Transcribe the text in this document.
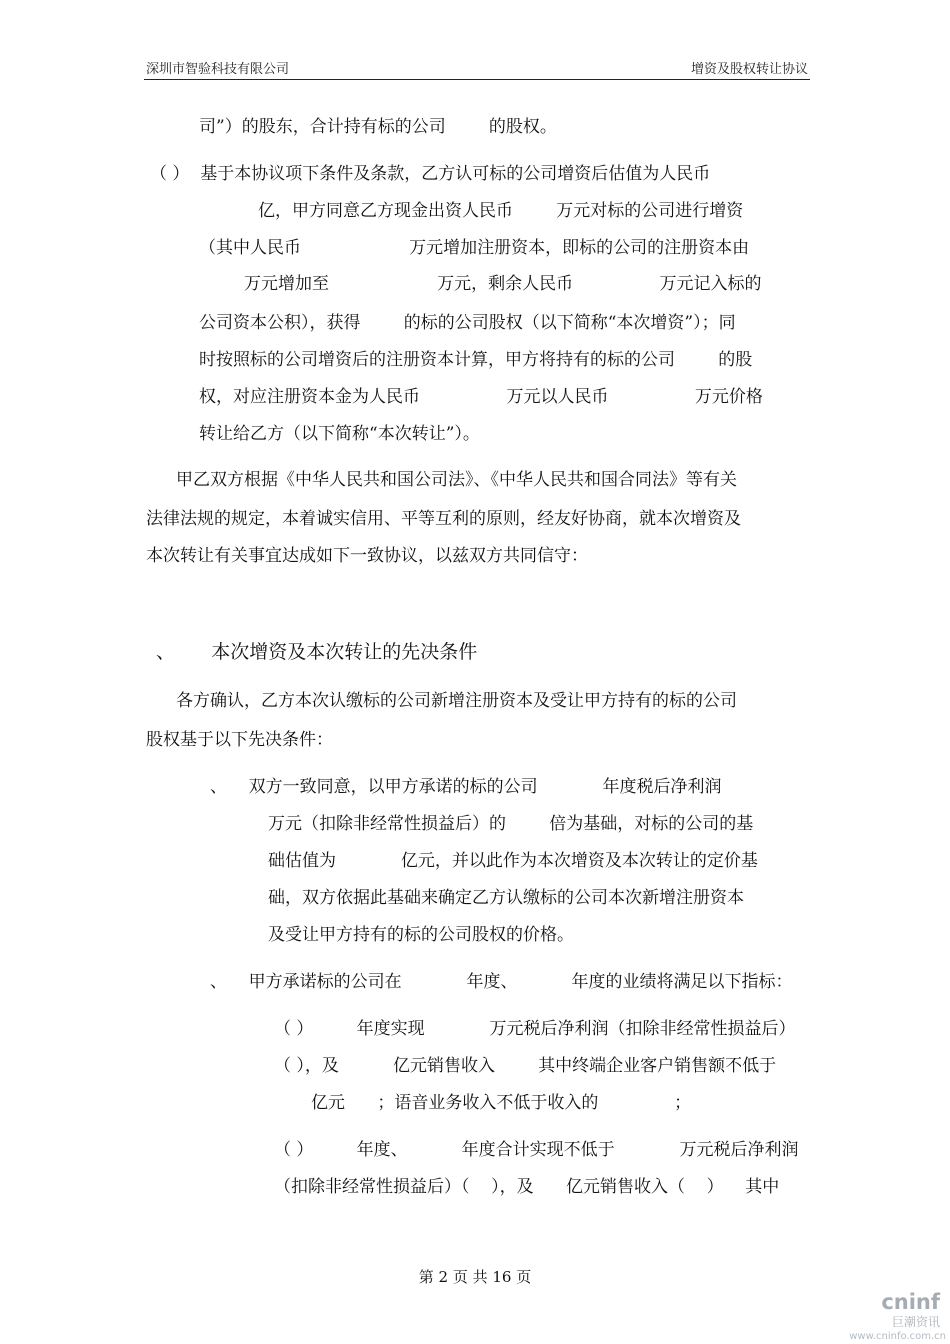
深圳市智验科技有限公司	增资及股权转让协议
司”）的股东，合计持有标的公司        的股权。
（ ）  基于本协议项下条件及条款，乙方认可标的公司增资后估值为人民币
亿，甲方同意乙方现金出资人民币        万元对标的公司进行增资
（其中人民币                    万元增加注册资本，即标的公司的注册资本由
万元增加至                    万元，剩余人民币                万元记入标的
公司资本公积），获得        的标的公司股权（以下简称“本次增资”）；同
时按照标的公司增资后的注册资本计算，甲方将持有的标的公司        的股
权，对应注册资本金为人民币                万元以人民币                万元价格
转让给乙方（以下简称“本次转让”）。
甲乙双方根据《中华人民共和国公司法》、《中华人民共和国合同法》等有关
法律法规的规定，本着诚实信用、平等互利的原则，经友好协商，就本次增资及
本次转让有关事宜达成如下一致协议，以兹双方共同信守：
、      本次增资及本次转让的先决条件
各方确认，乙方本次认缴标的公司新增注册资本及受让甲方持有的标的公司
股权基于以下先决条件：
、    双方一致同意，以甲方承诺的标的公司            年度税后净利润
万元（扣除非经常性损益后）的        倍为基础，对标的公司的基
础估值为            亿元，并以此作为本次增资及本次转让的定价基
础，双方依据此基础来确定乙方认缴标的公司本次新增注册资本
及受让甲方持有的标的公司股权的价格。
、    甲方承诺标的公司在            年度、          年度的业绩将满足以下指标：
（ ）        年度实现            万元税后净利润（扣除非经常性损益后）
（ ），及          亿元销售收入        其中终端企业客户销售额不低于
亿元      ；语音业务收入不低于收入的              ；
（ ）        年度、          年度合计实现不低于            万元税后净利润
（扣除非经常性损益后）（    ），及      亿元销售收入（    ）    其中
第 2 页 共 16 页
cninf
巨潮资讯
www.cninfo.com.cn
